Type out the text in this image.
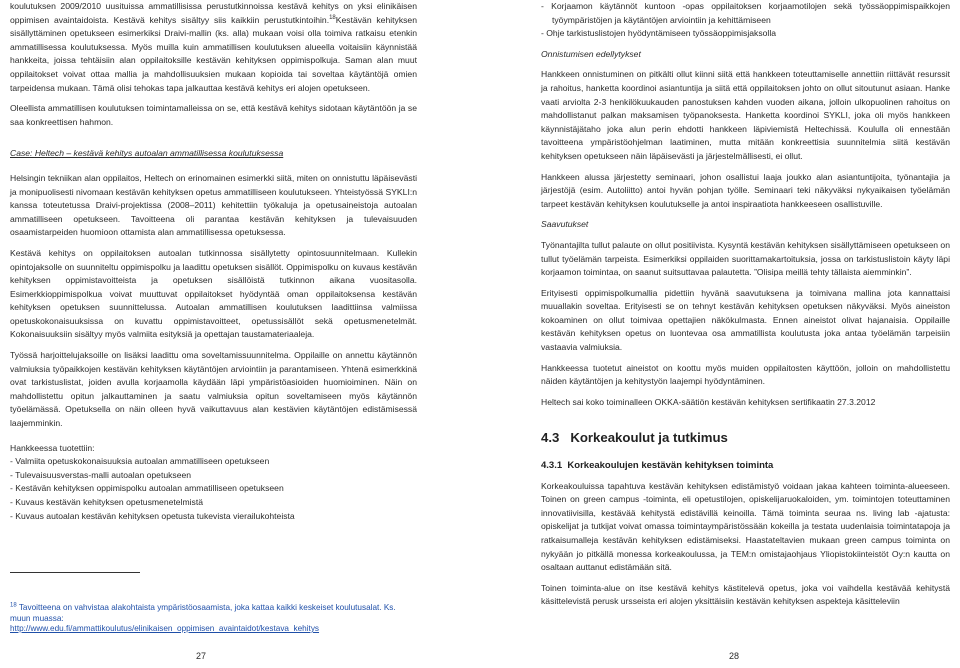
koulutuksen 2009/2010 uusituissa ammatillisissa perustutkinnoissa kestävä kehitys on yksi elinikäisen oppimisen avaintaidoista. Kestävä kehitys sisältyy siis kaikkiin perustutkintoihin.$^{18}$Kestävän kehityksen sisällyttäminen opetukseen esimerkiksi Draivi-mallin (ks. alla) mukaan voisi olla toimiva ratkaisu etenkin ammatillisessa koulutuksessa. Myös muilla kuin ammatillisen koulutuksen alueella voitaisiin käynnistää hankkeita, joissa tehtäisiin alan oppilaitoksille kestävän kehityksen oppimispolkuja. Saman alan muut oppilaitokset voivat ottaa mallia ja mahdollisuuksien mukaan kopioida tai soveltaa käytäntöjä omien tarpeidensa mukaan. Tämä olisi tehokas tapa jalkauttaa kestävä kehitys eri alojen opetukseen.

Oleellista ammatillisen koulutuksen toimintamalleissa on se, että kestävä kehitys sidotaan käytäntöön ja se saa konkreettisen hahmon.

Case: Heltech – kestävä kehitys autoalan ammatillisessa koulutuksessa

Helsingin tekniikan alan oppilaitos, Heltech on erinomainen esimerkki siitä, miten on onnistuttu läpäisevästi ja monipuolisesti nivomaan kestävän kehityksen opetus ammatilliseen koulutukseen. Yhteistyössä SYKLI:n kanssa toteutetussa Draivi-projektissa (2008–2011) kehitettiin työkaluja ja opetusaineistoja autoalan ammatilliseen opetukseen. Tavoitteena oli parantaa kestävän kehityksen ja tulevaisuuden osaamistarpeiden huomioon ottamista alan ammatillisessa opetuksessa.

Kestävä kehitys on oppilaitoksen autoalan tutkinnossa sisällytetty opintosuunnitelmaan. Kullekin opintojaksolle on suunniteltu oppimispolku ja laadittu opetuksen sisällöt. Oppimispolku on kuvaus kestävän kehityksen oppimistavoitteista ja opetuksen sisällöistä tutkinnon aikana vuositasolla. Esimerkkioppimispolkua voivat muuttuvat oppilaitokset hyödyntää oman oppilaitoksensa kestävän kehityksen opetuksen suunnittelussa. Autoalan ammatillisen koulutuksen laadittiinsa valmiissa opetuskokonaisuuksissa on kuvattu oppimistavoitteet, opetussisällöt sekä opetusmenetelmät. Kokonaisuuksiin sisältyy myös valmiita esityksiä ja opettajan taustamateriaaleja.

Työssä harjoittelujaksoille on lisäksi laadittu oma soveltamissuunnitelma. Oppilaille on annettu käytännön valmiuksia työpaikkojen kestävän kehityksen käytäntöjen arviointiin ja parantamiseen. Yhtenä esimerkkinä ovat tarkistuslistat, joiden avulla korjaamolla käydään läpi ympäristöasioiden huomioiminen. Näin on mahdollistettu opitun jalkauttaminen ja saatu valmiuksia opitun soveltamiseen myös käytännön työelämässä. Opetuksella on näin olleen hyvä vaikuttavuus alan kestävien käytäntöjen edistämisessä laajemminkin.

Hankkeessa tuotettiin:

- Valmiita opetuskokonaisuuksia autoalan ammatilliseen opetukseen
- Tulevaisuusverstas-malli autoalan opetukseen
- Kestävän kehityksen oppimispolku autoalan ammatilliseen opetukseen
- Kuvaus kestävän kehityksen opetusmenetelmistä
- Kuvaus autoalan kestävän kehityksen opetusta tukevista vierailukohteista
$^{18}$ Tavoitteena on vahvistaa alakohtaista ympäristöosaamista, joka kattaa kaikki keskeiset koulutusalat. Ks. muun muassa:
http://www.edu.fi/ammattikoulutus/elinikaisen_oppimisen_avaintaidot/kestava_kehitys
27
- Korjaamon käytännöt kuntoon -opas oppilaitoksen korjaamotilojen sekä työssäoppimispaikkojen työympäristöjen ja käytäntöjen arviointiin ja kehittämiseen
- Ohje tarkistuslistojen hyödyntämiseen työssäoppimisjaksolla

Onnistumisen edellytykset

Hankkeen onnistuminen on pitkälti ollut kiinni siitä että hankkeen toteuttamiselle annettiin riittävät resurssit ja rahoitus, hanketta koordinoi asiantuntija ja siitä että oppilaitoksen johto on ollut sitoutunut asiaan. Hanke vaati arviolta 2-3 henkilökuukauden panostuksen kahden vuoden aikana, jolloin ulkopuolinen rahoitus on mahdollistanut palkan maksamisen työpanoksesta. Hanketta koordinoi SYKLI, joka oli myös hankkeen käynnistäjätaho joka alun perin ehdotti hankkeen läpiviemistä Heltechissä. Koululla oli ennestään tavoitteena ympäristöohjelman laatiminen, mutta mitään konkreettisia suunnitelmia siitä kestävän kehityksen opetukseen näin läpäisevästi ja järjestelmällisesti, ei ollut.

Hankkeen alussa järjestetty seminaari, johon osallistui laaja joukko alan asiantuntijoita, työnantajia ja järjestöjä (esim. Autoliitto) antoi hyvän pohjan työlle. Seminaari teki näkyväksi nykyaikaisen työelämän tarpeet kestävän kehityksen koulutukselle ja antoi inspiraatiota hankkeeseen osallistuville.

Saavutukset

Työnantajilta tullut palaute on ollut positiivista. Kysyntä kestävän kehityksen sisällyttämiseen opetukseen on tullut työelämän tarpeista. Esimerkiksi oppilaiden suorittamakartoituksia, jossa on tarkistuslistoin käyty läpi korjaamon toimintaa, on saanut suitsuttavaa palautetta. ”Olisipa meillä tehty tällaista aiemminkin”.

Erityisesti oppimispolkumallia pidettiin hyvänä saavutuksena ja toimivana mallina jota kannattaisi muuallakin soveltaa. Erityisesti se on tehnyt kestävän kehityksen opetuksen näkyväksi. Myös aineiston kokoaminen on ollut toimivaa opettajien näkökulmasta. Ennen aineistot olivat hajanaisia. Oppilaille kestävän kehityksen opetus on luontevaa osa ammatillista koulutusta joka antaa työelämän tarpeisiin vastaavia valmiuksia.

Hankkeessa tuotetut aineistot on koottu myös muiden oppilaitosten käyttöön, jolloin on mahdollistettu näiden käytäntöjen ja kehitystyön laajempi hyödyntäminen.

Heltech sai koko toiminalleen OKKA-säätiön kestävän kehityksen sertifikaatin 27.3.2012

4.3 Korkeakoulut ja tutkimus

4.3.1 Korkeakoulujen kestävän kehityksen toiminta

Korkeakouluissa tapahtuva kestävän kehityksen edistämistyö voidaan jakaa kahteen toiminta-alueeseen. Toinen on green campus -toiminta, eli opetustilojen, opiskelijaruokaloiden, ym. toimintojen toteuttaminen innovatiivisilla, kestävää kehitystä edistävillä keinoilla. Tämä toiminta seuraa ns. living lab -ajatusta: opiskelijat ja tutkijat voivat omassa toimintaympäristössään kokeilla ja testata uudenlaisia toimintatapoja ja ratkaisumalleja kestävän kehityksen edistämiseksi. Haastateltavien mukaan green campus toiminta on nykyään jo pitkällä monessa korkeakoulussa, ja TEM:n omistajaohjaus Yliopistokiinteistöt Oy:n kautta on osaltaan auttanut edistämään sitä.

Toinen toiminta-alue on itse kestävä kehitys kästitelevä opetus, joka voi vaihdella kestävää kehitystä käsittelevistä perusk ursseista eri alojen yksittäisiin kestävän kehityksen aspekteja käsitteleviin

28
